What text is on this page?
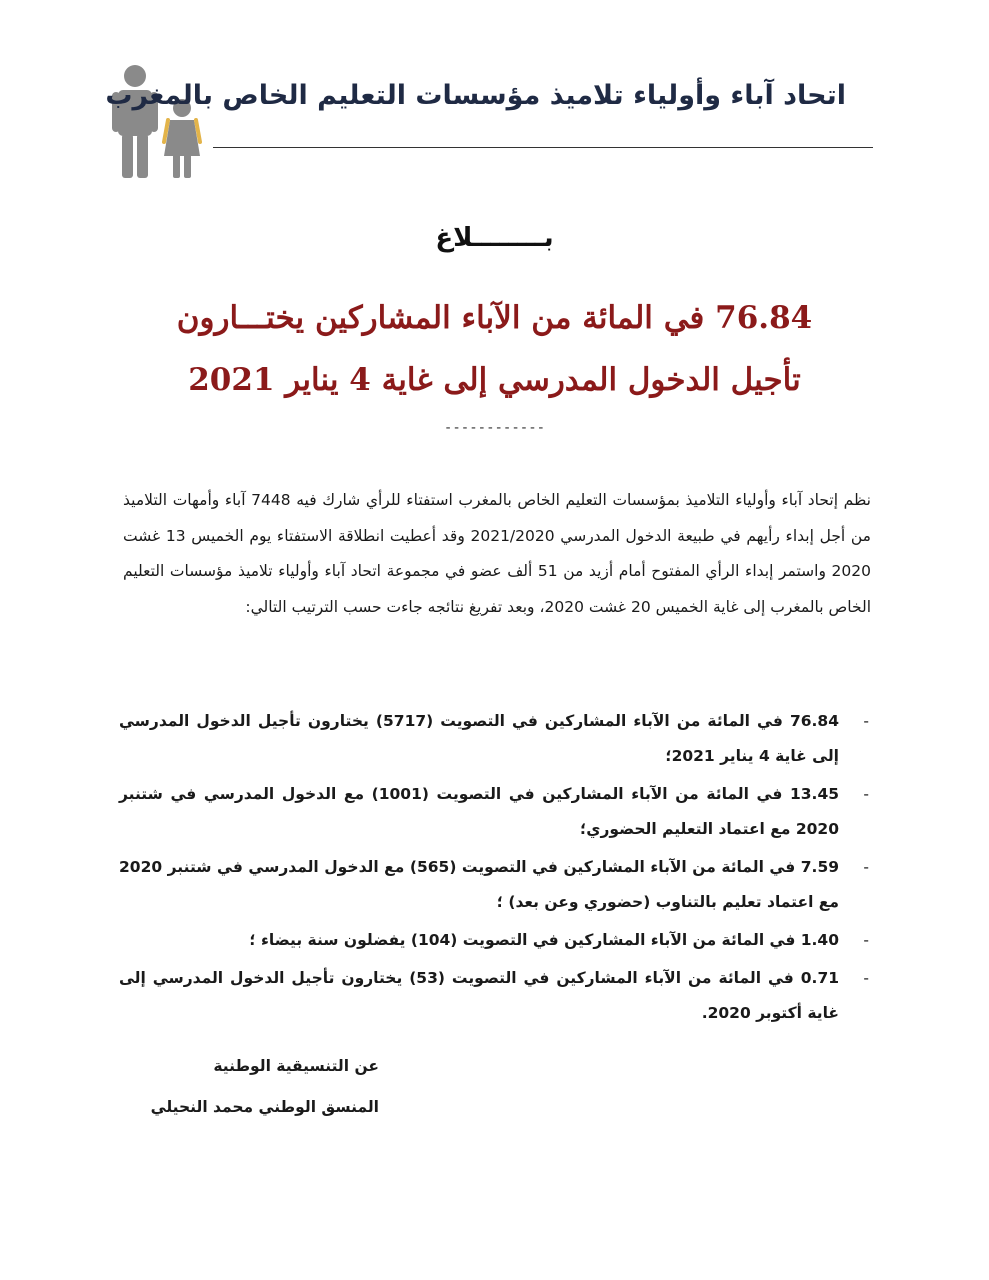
اتحاد آباء وأولياء تلاميذ مؤسسات التعليم الخاص بالمغرب
بــــــــلاغ
76.84 في المائة من الآباء المشاركين يختـــارون
تأجيل الدخول المدرسي إلى غاية 4 يناير 2021
------------
نظم إتحاد آباء وأولياء التلاميذ بمؤسسات التعليم الخاص بالمغرب استفتاء للرأي شارك فيه 7448 آباء وأمهات التلاميذ من أجل إبداء رأيهم في طبيعة الدخول المدرسي 2021/2020 وقد أعطيت انطلاقة الاستفتاء يوم الخميس 13 غشت 2020 واستمر إبداء الرأي المفتوح أمام أزيد من 51 ألف عضو في مجموعة اتحاد آباء وأولياء تلاميذ مؤسسات التعليم الخاص بالمغرب إلى غاية الخميس 20 غشت 2020، وبعد تفريغ نتائجه جاءت حسب الترتيب التالي:
-
76.84 في المائة من الآباء المشاركين في التصويت (5717) يختارون تأجيل الدخول المدرسي إلى غاية 4 يناير 2021؛
-
13.45 في المائة من الآباء المشاركين في التصويت (1001) مع الدخول المدرسي في شتنبر 2020 مع اعتماد التعليم الحضوري؛
-
7.59 في المائة من الآباء المشاركين في التصويت (565) مع الدخول المدرسي في شتنبر 2020 مع اعتماد تعليم بالتناوب (حضوري وعن بعد) ؛
-
1.40 في المائة من الآباء المشاركين في التصويت (104) يفضلون سنة بيضاء ؛
-
0.71 في المائة من الآباء المشاركين في التصويت (53) يختارون تأجيل الدخول المدرسي إلى غاية أكتوبر 2020.
عن التنسيقية الوطنية
المنسق الوطني محمد النحيلي
